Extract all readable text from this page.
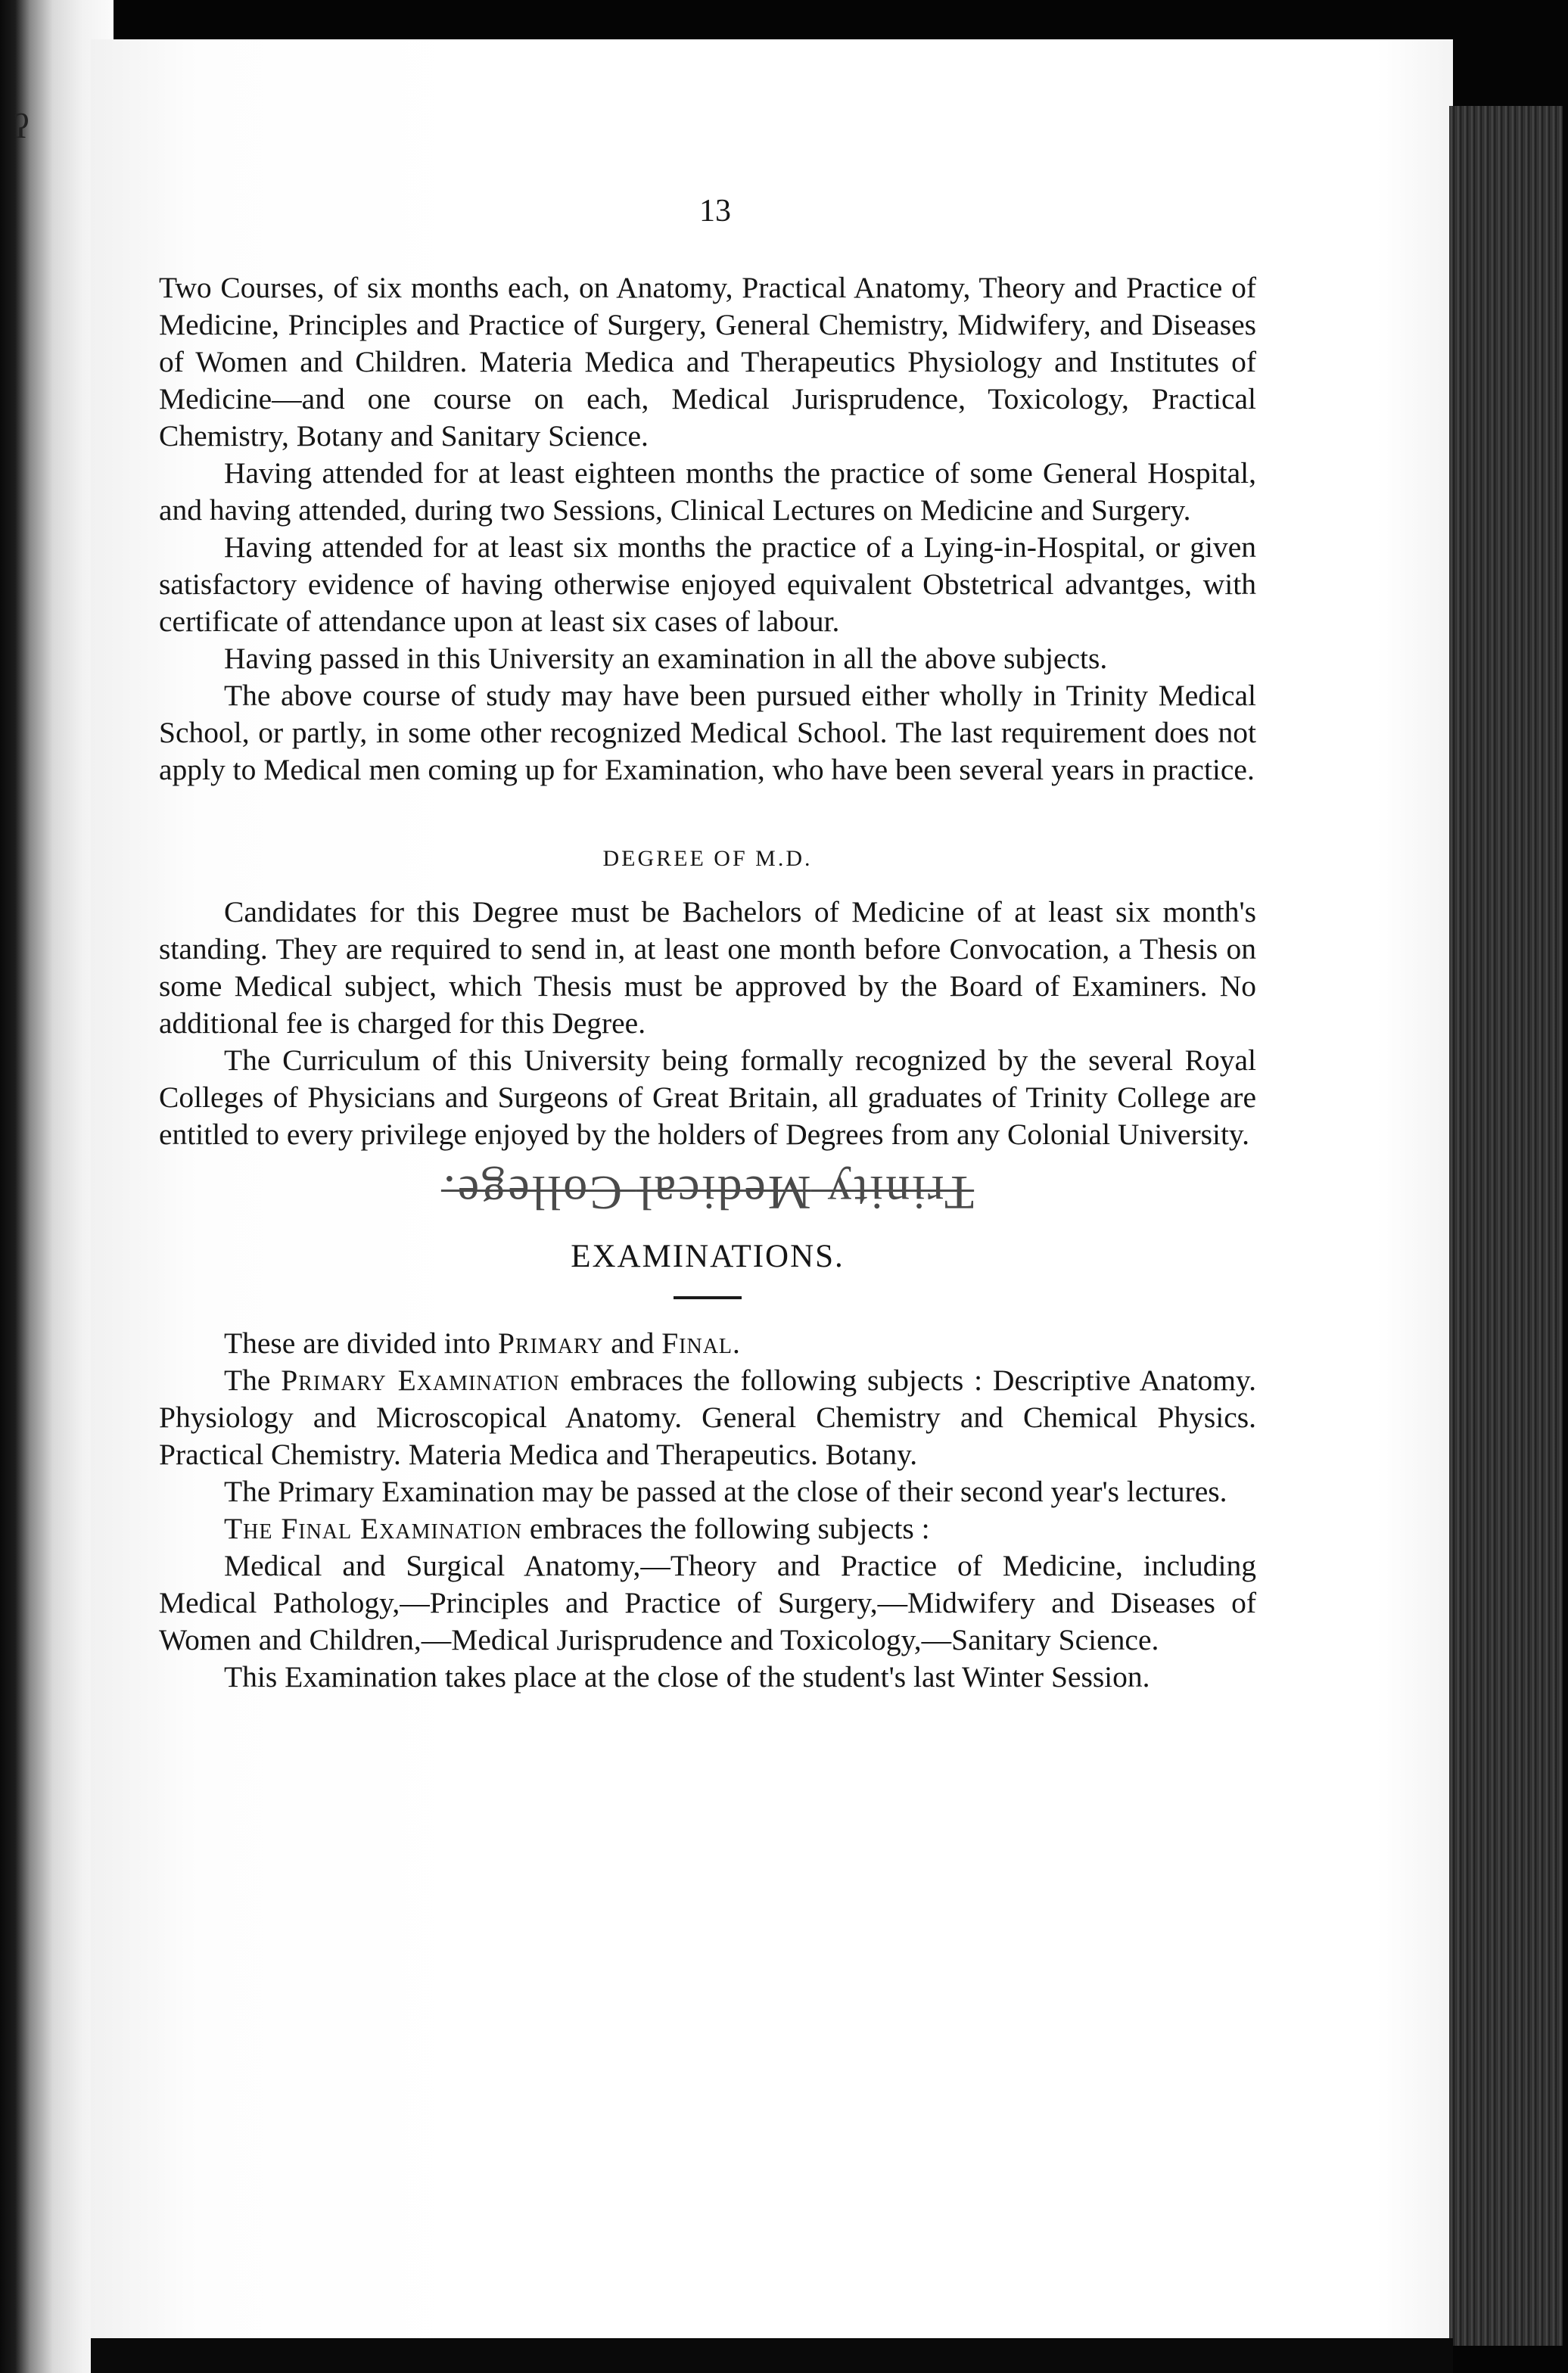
ʔ
13

Two Courses, of six months each, on Anatomy, Practical Anatomy, Theory and Practice of Medicine, Principles and Practice of Surgery, General Chemistry, Midwifery, and Diseases of Women and Children. Materia Medica and Therapeutics Physiology and Institutes of Medicine—and one course on each, Medical Jurisprudence, Toxicology, Practical Chemistry, Botany and Sanitary Science.

Having attended for at least eighteen months the practice of some General Hospital, and having attended, during two Sessions, Clinical Lectures on Medicine and Surgery.

Having attended for at least six months the practice of a Lying-in-Hospital, or given satisfactory evidence of having otherwise enjoyed equivalent Obstetrical advantges, with certificate of attendance upon at least six cases of labour.

Having passed in this University an examination in all the above subjects.

The above course of study may have been pursued either wholly in Trinity Medical School, or partly, in some other recognized Medical School. The last requirement does not apply to Medical men coming up for Examination, who have been several years in practice.

DEGREE OF M.D.

Candidates for this Degree must be Bachelors of Medicine of at least six month's standing. They are required to send in, at least one month before Convocation, a Thesis on some Medical subject, which Thesis must be approved by the Board of Examiners. No additional fee is charged for this Degree.

The Curriculum of this University being formally recognized by the several Royal Colleges of Physicians and Surgeons of Great Britain, all graduates of Trinity College are entitled to every privilege enjoyed by the holders of Degrees from any Colonial University.

Trinity Medical College.
EXAMINATIONS.

These are divided into Primary and Final.

The Primary Examination embraces the following subjects : Descriptive Anatomy. Physiology and Microscopical Anatomy. General Chemistry and Chemical Physics. Practical Chemistry. Materia Medica and Therapeutics. Botany.

The Primary Examination may be passed at the close of their second year's lectures.

The Final Examination embraces the following subjects :

Medical and Surgical Anatomy,—Theory and Practice of Medicine, including Medical Pathology,—Principles and Practice of Surgery,—Midwifery and Diseases of Women and Children,—Medical Jurisprudence and Toxicology,—Sanitary Science.

This Examination takes place at the close of the student's last Winter Session.
